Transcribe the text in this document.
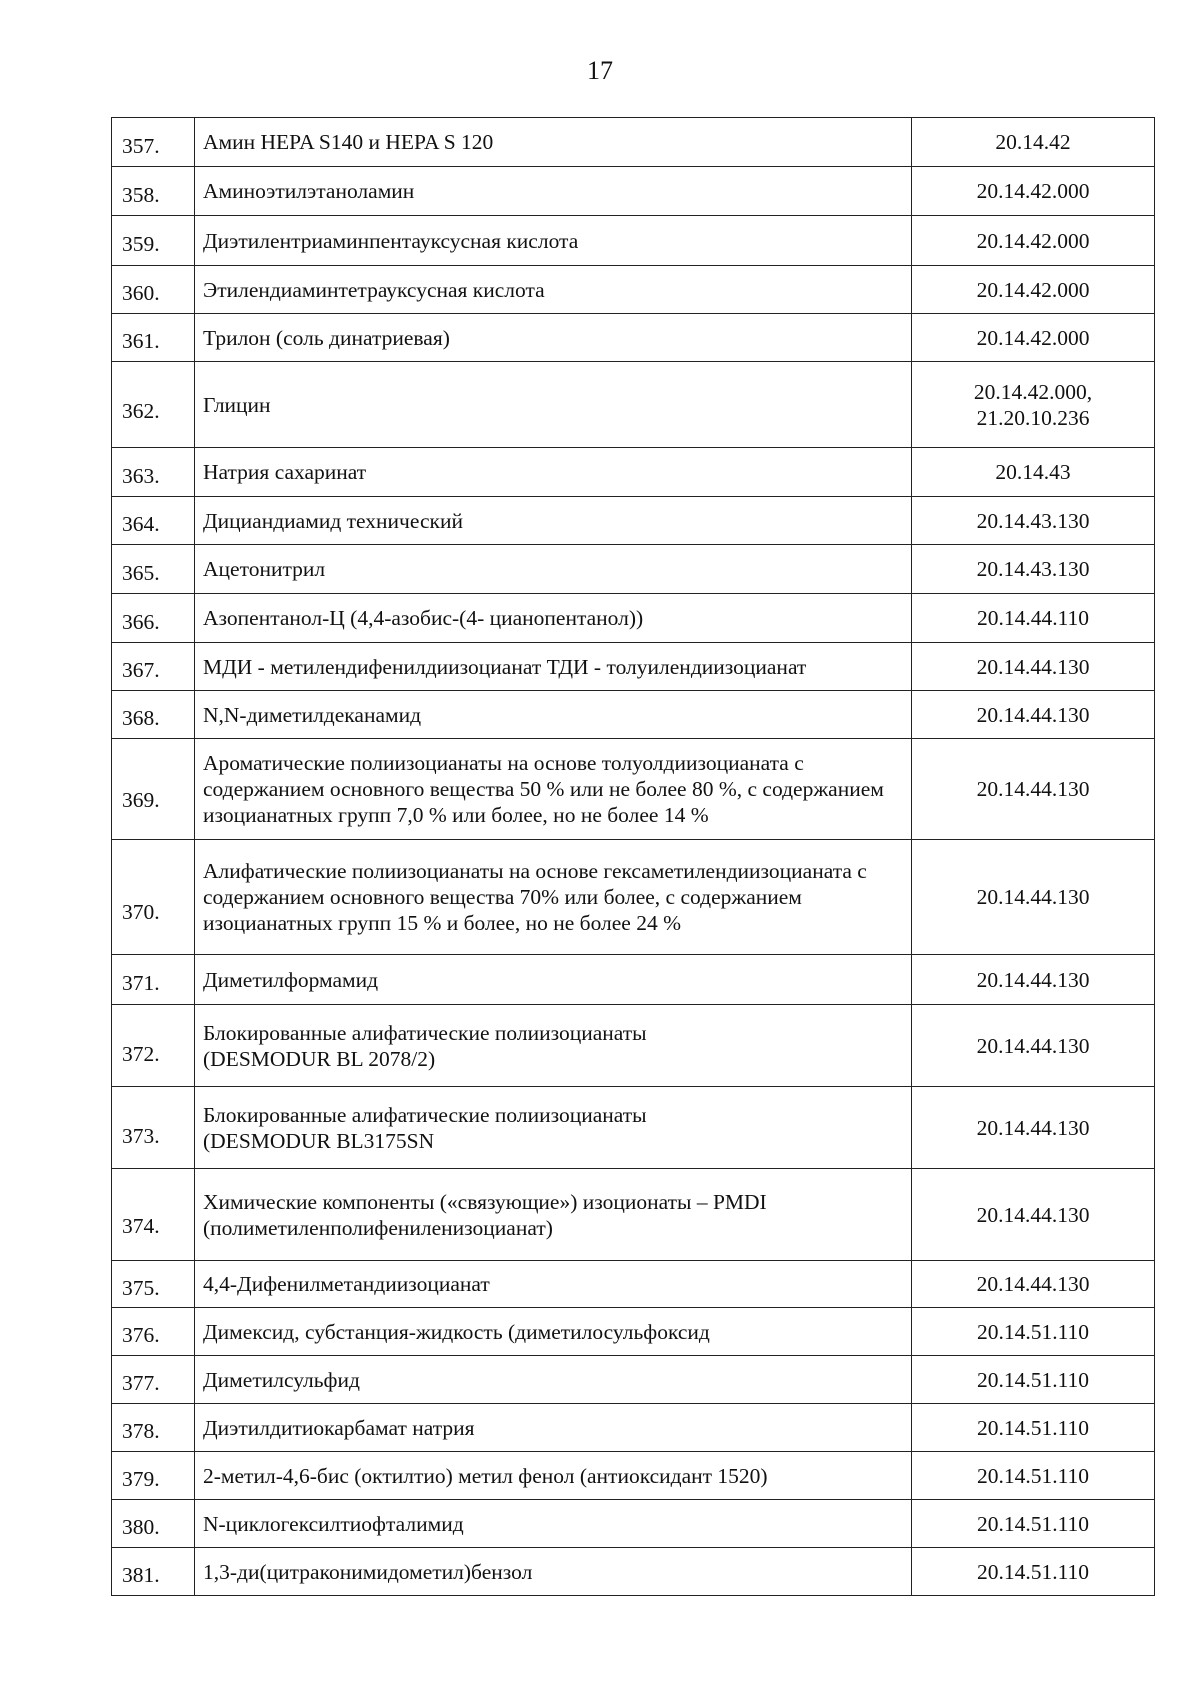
17
357.	Амин HEPA S140 и HEPA S 120	20.14.42
358.	Аминоэтилэтаноламин	20.14.42.000
359.	Диэтилентриаминпентауксусная кислота	20.14.42.000
360.	Этилендиаминтетрауксусная кислота	20.14.42.000
361.	Трилон (соль динатриевая)	20.14.42.000
362.	Глицин	20.14.42.000,
21.20.10.236
363.	Натрия сахаринат	20.14.43
364.	Дициандиамид технический	20.14.43.130
365.	Ацетонитрил	20.14.43.130
366.	Азопентанол-Ц (4,4-азобис-(4- цианопентанол))	20.14.44.110
367.	МДИ - метилендифенилдиизоцианат ТДИ - толуилендиизоцианат	20.14.44.130
368.	N,N-диметилдеканамид	20.14.44.130
369.	Ароматические полиизоцианаты на основе толуолдиизоцианата с
содержанием основного вещества 50 % или не более 80 %, с содержанием
изоцианатных групп 7,0 % или более, но не более 14 %	20.14.44.130
370.	Алифатические полиизоцианаты на основе гексаметилендиизоцианата с
содержанием основного вещества 70% или более, с содержанием
изоцианатных групп 15 % и более, но не более 24 %	20.14.44.130
371.	Диметилформамид	20.14.44.130
372.	Блокированные алифатические полиизоцианаты
(DESMODUR BL 2078/2)	20.14.44.130
373.	Блокированные алифатические полиизоцианаты
(DESMODUR BL3175SN	20.14.44.130
374.	Химические компоненты («связующие») изоционаты – PMDI
(полиметиленполифениленизоцианат)	20.14.44.130
375.	4,4-Дифенилметандиизоцианат	20.14.44.130
376.	Димексид, субстанция-жидкость (диметилосульфоксид	20.14.51.110
377.	Диметилсульфид	20.14.51.110
378.	Диэтилдитиокарбамат натрия	20.14.51.110
379.	2-метил-4,6-бис (октилтио) метил фенол (антиоксидант 1520)	20.14.51.110
380.	N-циклогексилтиофталимид	20.14.51.110
381.	1,3-ди(цитраконимидометил)бензол	20.14.51.110
